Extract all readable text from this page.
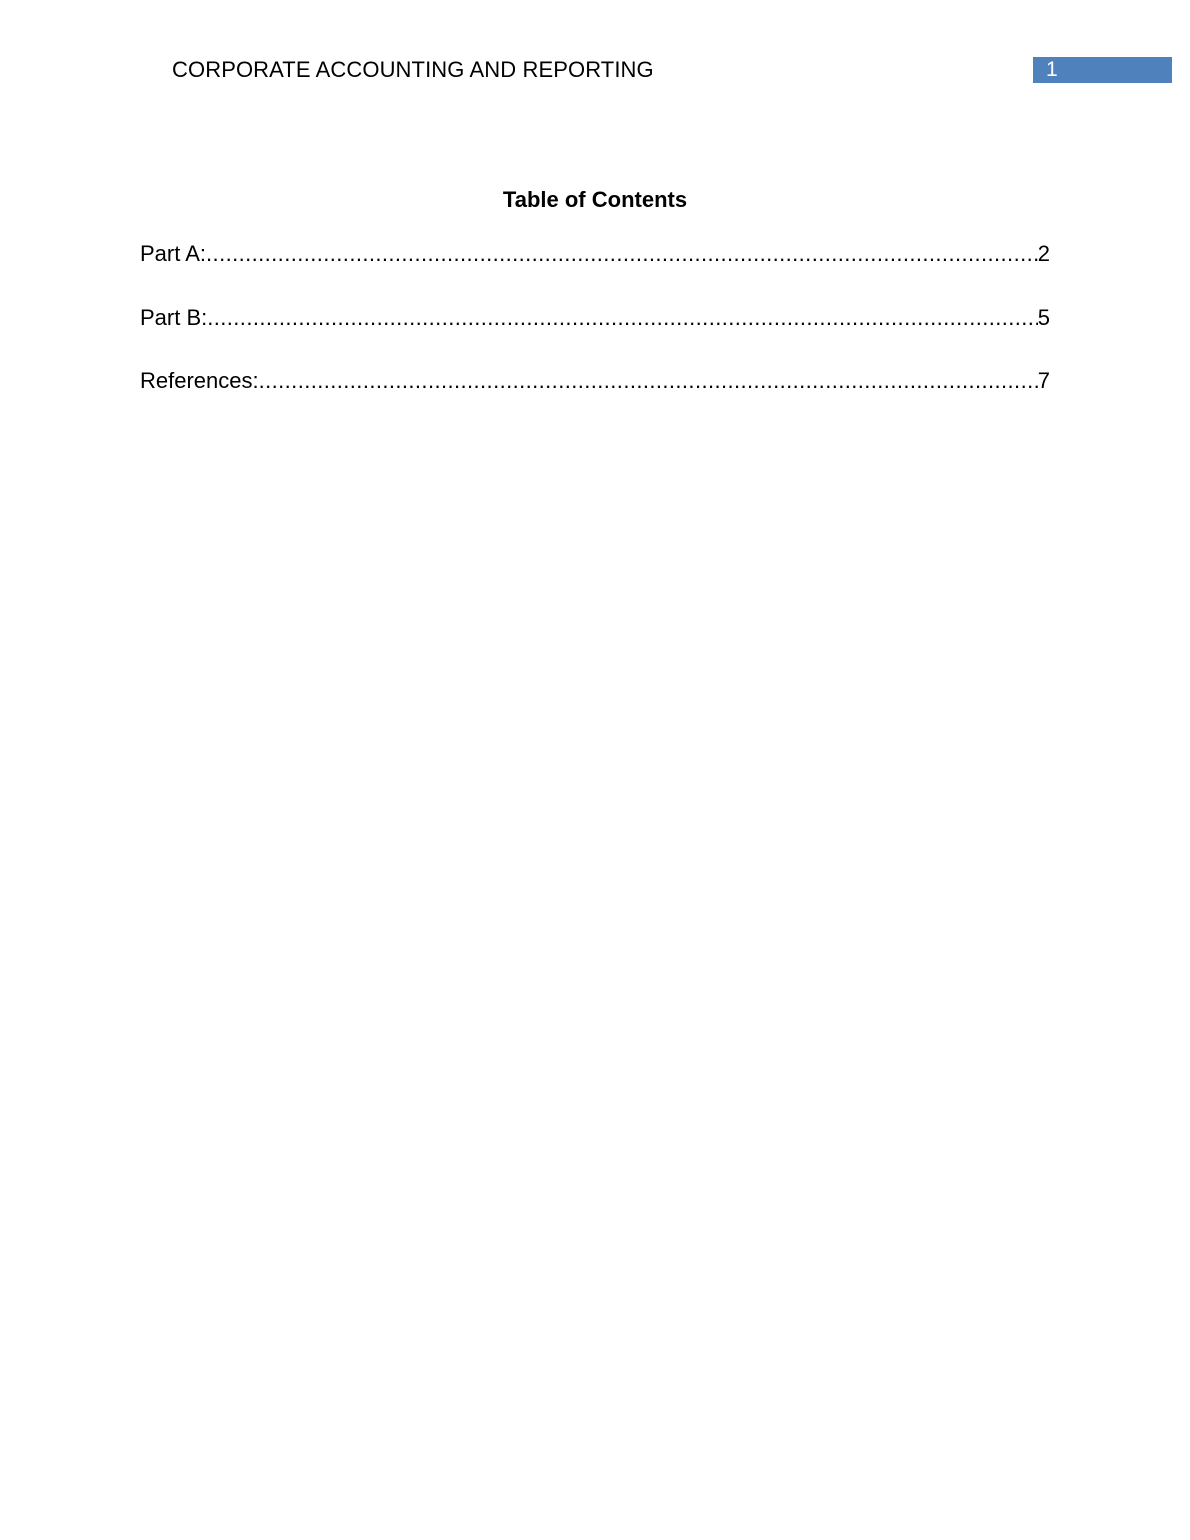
CORPORATE ACCOUNTING AND REPORTING	1
Table of Contents
Part A: .....	2
Part B: .....	5
References: .....	7
